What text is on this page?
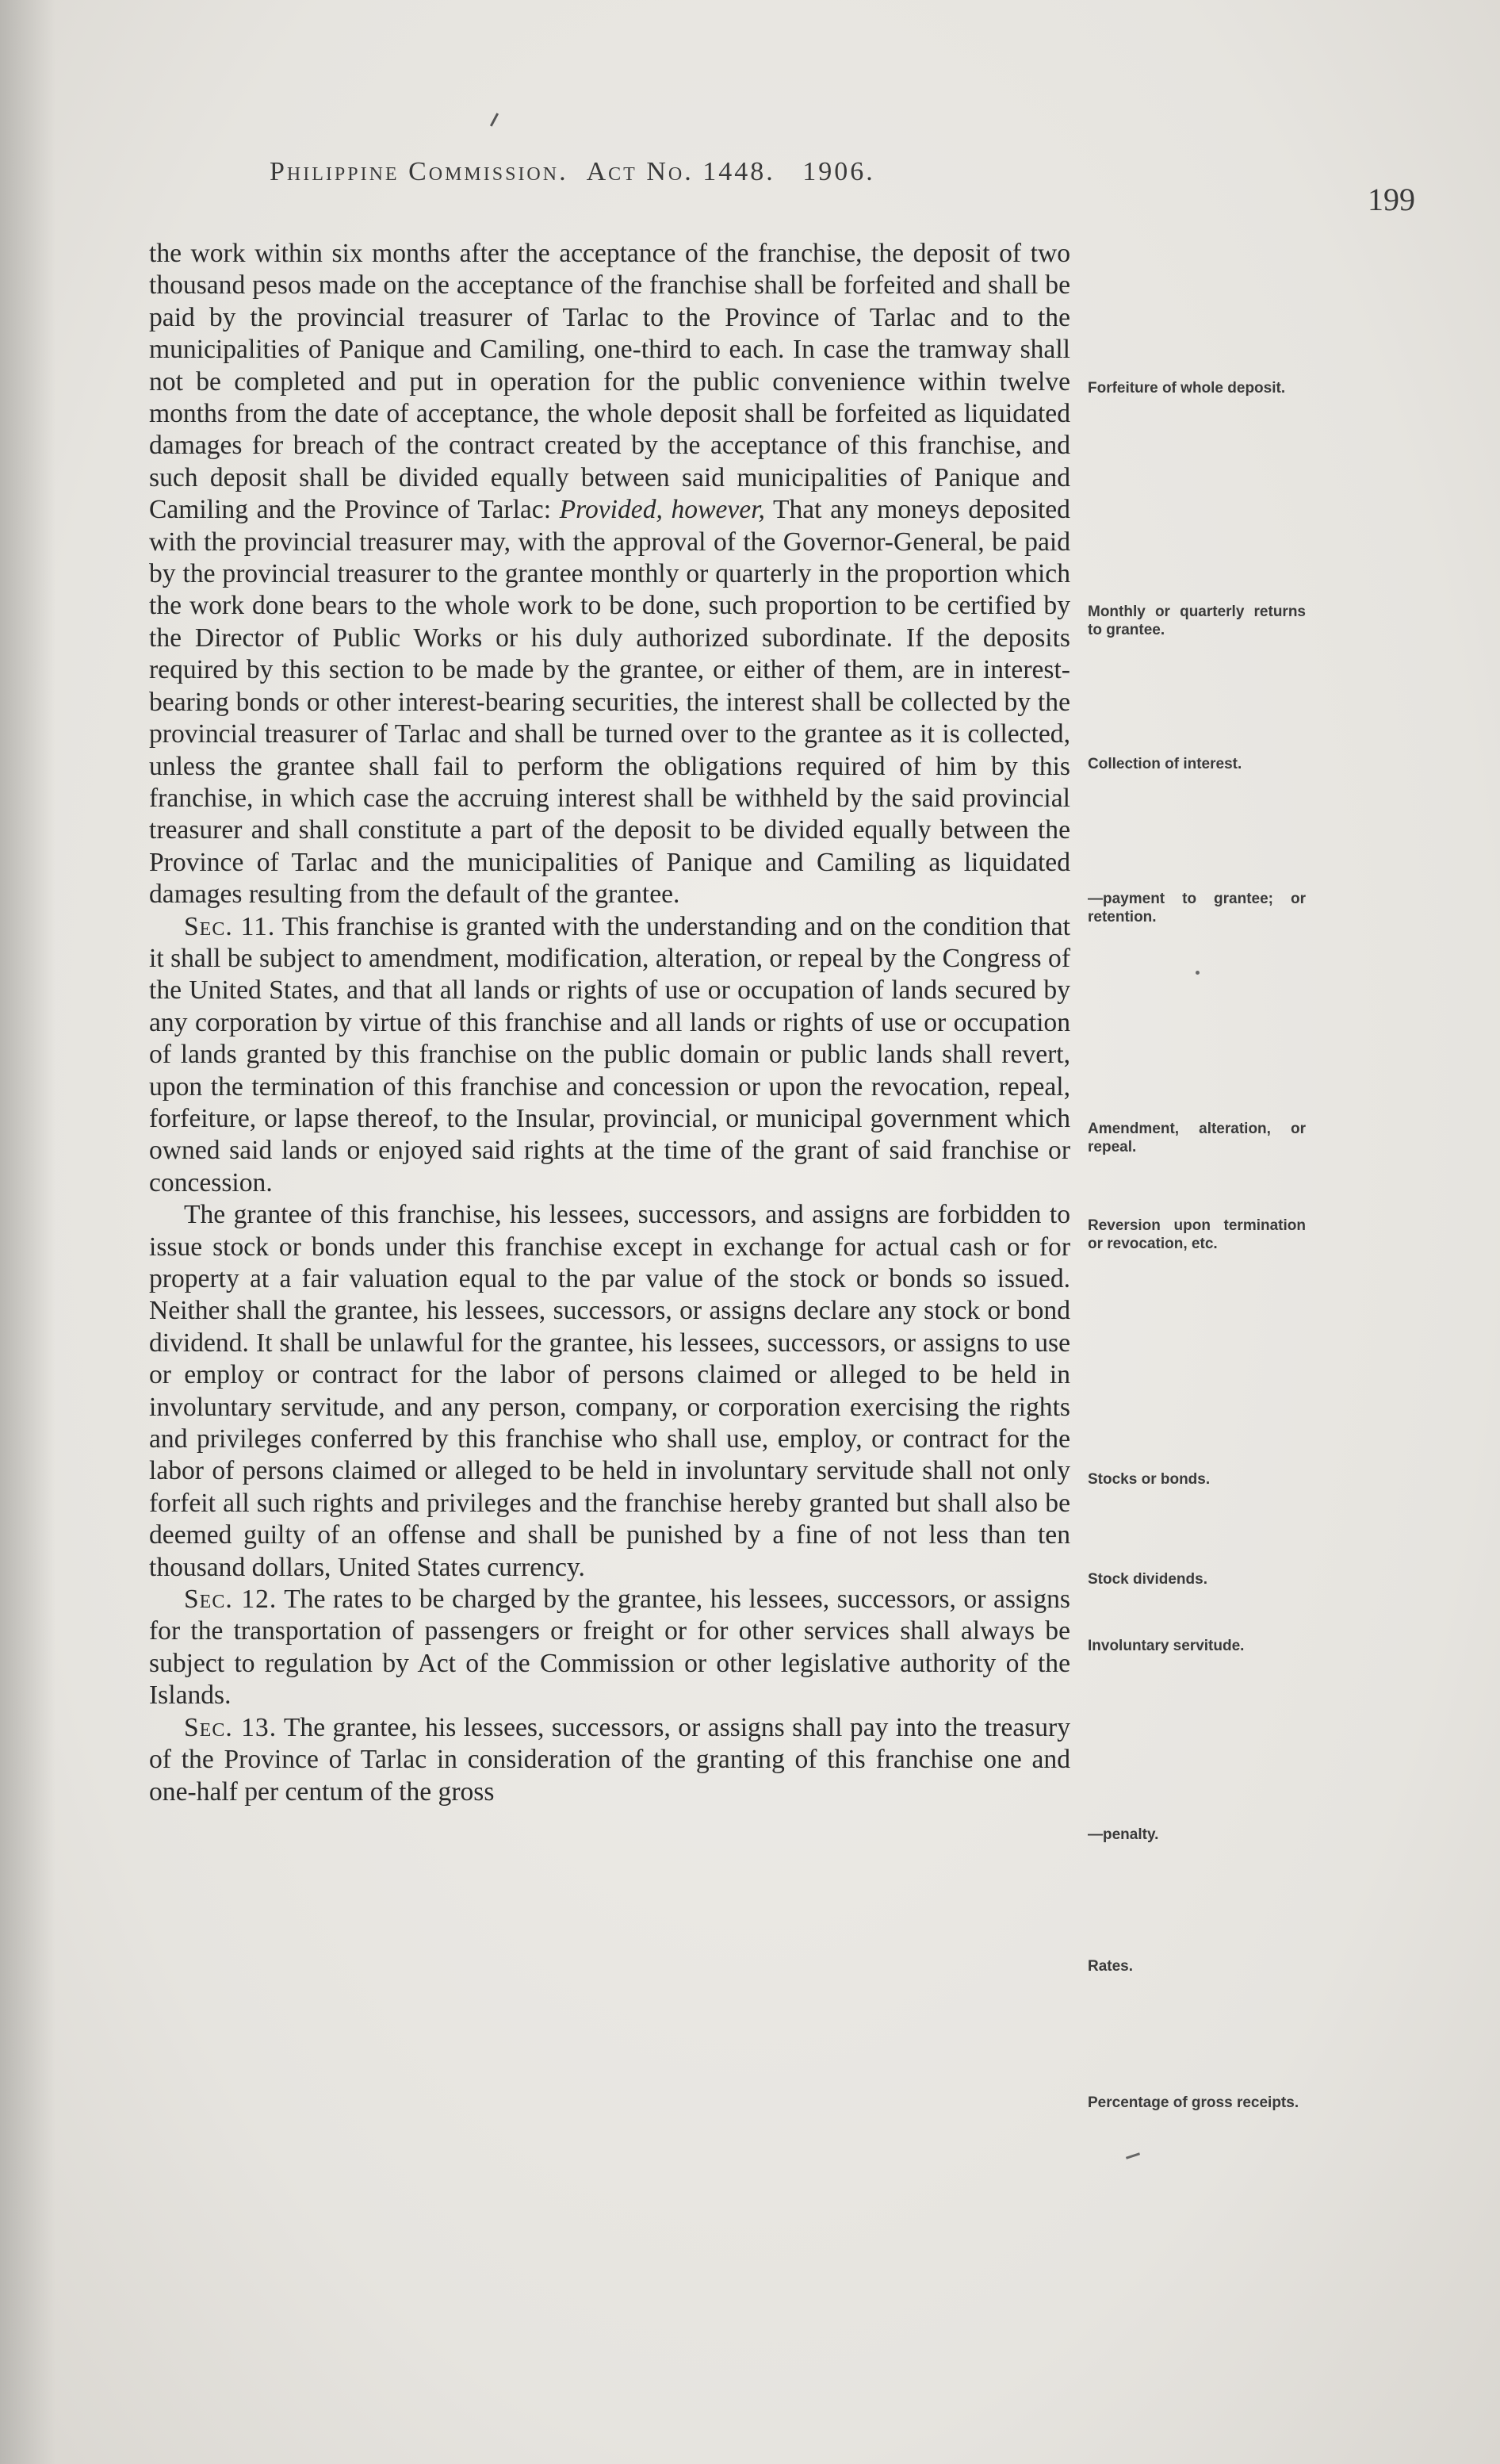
Philippine Commission. Act No. 1448. 1906.
199

the work within six months after the acceptance of the franchise, the deposit of two thousand pesos made on the acceptance of the franchise shall be forfeited and shall be paid by the provincial treasurer of Tarlac to the Province of Tarlac and to the municipalities of Panique and Camiling, one-third to each. In case the tramway shall not be completed and put in operation for the public convenience within twelve months from the date of acceptance, the whole deposit shall be forfeited as liquidated damages for breach of the contract created by the acceptance of this franchise, and such deposit shall be divided equally between said municipalities of Panique and Camiling and the Province of Tarlac: Provided, however, That any moneys deposited with the provincial treasurer may, with the approval of the Governor-General, be paid by the provincial treasurer to the grantee monthly or quarterly in the proportion which the work done bears to the whole work to be done, such proportion to be certified by the Director of Public Works or his duly authorized subordinate. If the deposits required by this section to be made by the grantee, or either of them, are in interest-bearing bonds or other interest-bearing securities, the interest shall be collected by the provincial treasurer of Tarlac and shall be turned over to the grantee as it is collected, unless the grantee shall fail to perform the obligations required of him by this franchise, in which case the accruing interest shall be withheld by the said provincial treasurer and shall constitute a part of the deposit to be divided equally between the Province of Tarlac and the municipalities of Panique and Camiling as liquidated damages resulting from the default of the grantee.

Sec. 11. This franchise is granted with the understanding and on the condition that it shall be subject to amendment, modification, alteration, or repeal by the Congress of the United States, and that all lands or rights of use or occupation of lands secured by any corporation by virtue of this franchise and all lands or rights of use or occupation of lands granted by this franchise on the public domain or public lands shall revert, upon the termination of this franchise and concession or upon the revocation, repeal, forfeiture, or lapse thereof, to the Insular, provincial, or municipal government which owned said lands or enjoyed said rights at the time of the grant of said franchise or concession.

The grantee of this franchise, his lessees, successors, and assigns are forbidden to issue stock or bonds under this franchise except in exchange for actual cash or for property at a fair valuation equal to the par value of the stock or bonds so issued. Neither shall the grantee, his lessees, successors, or assigns declare any stock or bond dividend. It shall be unlawful for the grantee, his lessees, successors, or assigns to use or employ or contract for the labor of persons claimed or alleged to be held in involuntary servitude, and any person, company, or corporation exercising the rights and privileges conferred by this franchise who shall use, employ, or contract for the labor of persons claimed or alleged to be held in involuntary servitude shall not only forfeit all such rights and privileges and the franchise hereby granted but shall also be deemed guilty of an offense and shall be punished by a fine of not less than ten thousand dollars, United States currency.

Sec. 12. The rates to be charged by the grantee, his lessees, successors, or assigns for the transportation of passengers or freight or for other services shall always be subject to regulation by Act of the Commission or other legislative authority of the Islands.

Sec. 13. The grantee, his lessees, successors, or assigns shall pay into the treasury of the Province of Tarlac in consideration of the granting of this franchise one and one-half per centum of the gross

Forfeiture of whole deposit.
Monthly or quarterly returns to grantee.
Collection of interest.
—payment to grantee; or retention.
Amendment, alteration, or repeal.
Reversion upon termination or revocation, etc.
Stocks or bonds.
Stock dividends.
Involuntary servitude.
—penalty.
Rates.
Percentage of gross receipts.
